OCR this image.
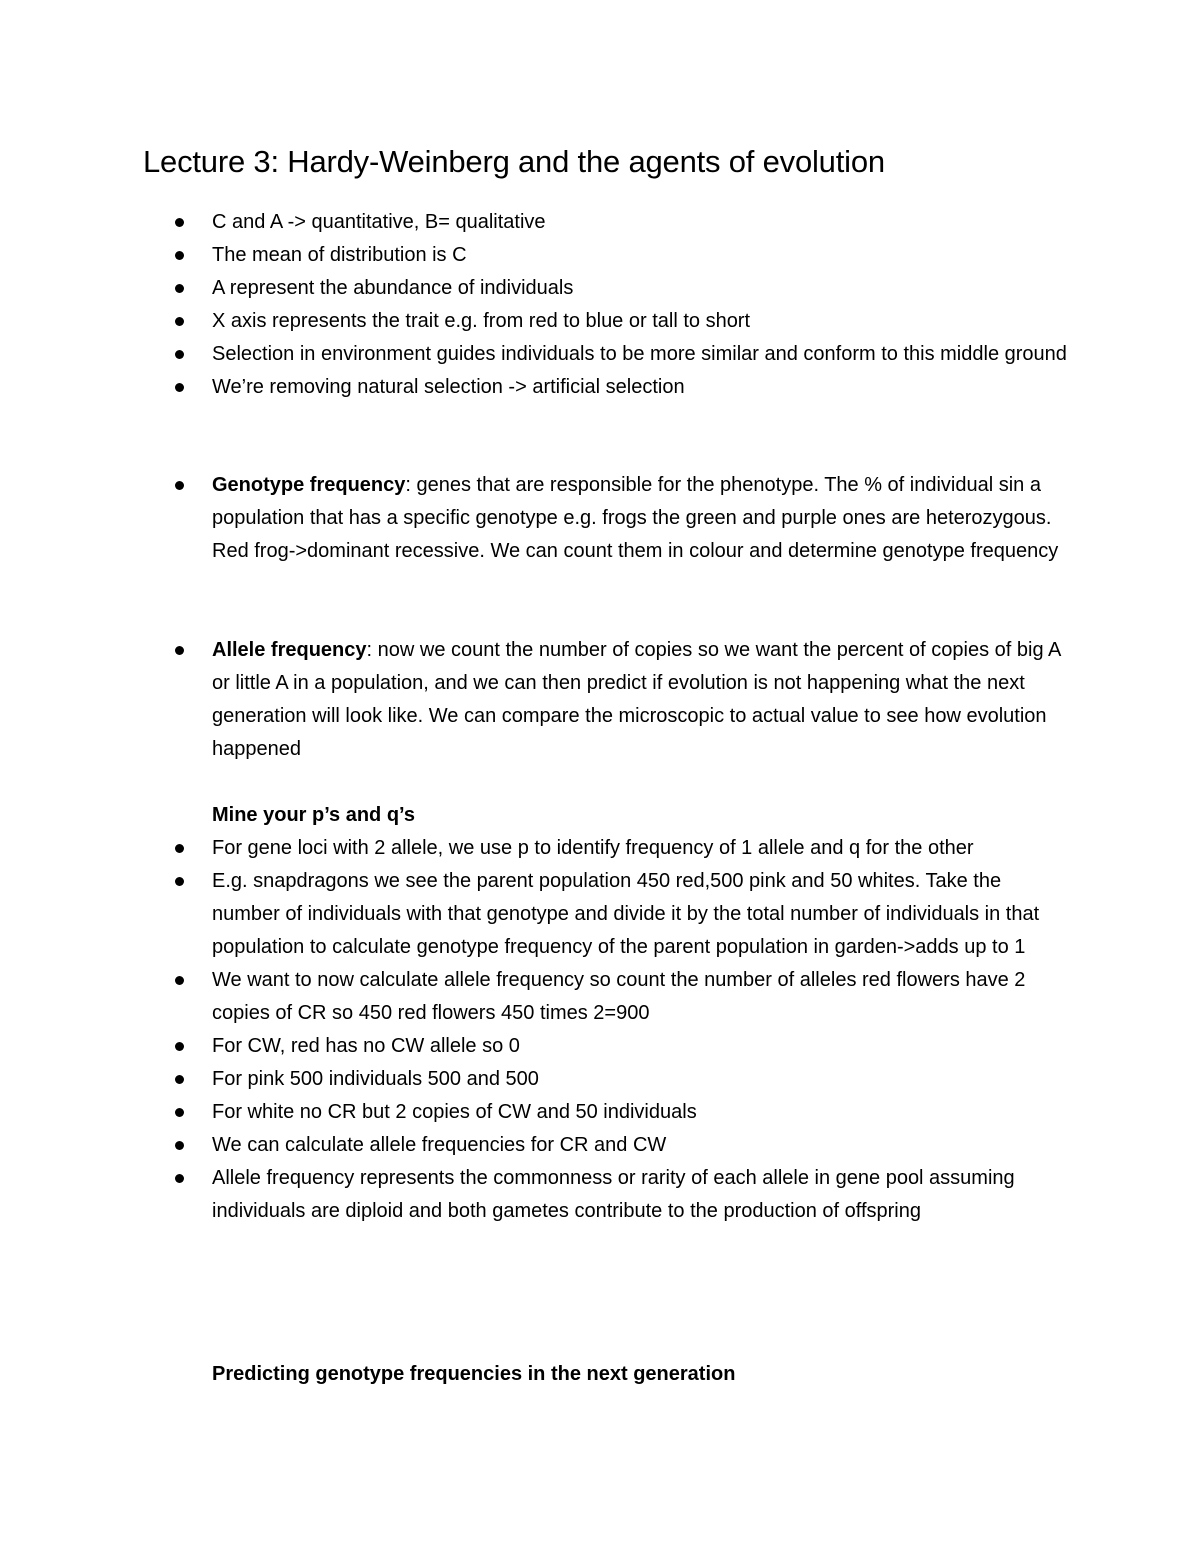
Lecture 3: Hardy-Weinberg and the agents of evolution
C and A -> quantitative, B= qualitative
The mean of distribution is C
A represent the abundance of individuals
X axis represents the trait e.g. from red to blue or tall to short
Selection in environment guides individuals to be more similar and conform to this middle ground
We’re removing natural selection -> artificial selection
Genotype frequency: genes that are responsible for the phenotype. The % of individual sin a population that has a specific genotype e.g. frogs the green and purple ones are heterozygous. Red frog->dominant recessive. We can count them in colour and determine genotype frequency
Allele frequency: now we count the number of copies so we want the percent of copies of big A or little A in a population, and we can then predict if evolution is not happening what the next generation will look like. We can compare the microscopic to actual value to see how evolution happened
Mine your p’s and q’s
For gene loci with 2 allele, we use p to identify frequency of 1 allele and q for the other
E.g. snapdragons we see the parent population 450 red,500 pink and 50 whites. Take the number of individuals with that genotype and divide it by the total number of individuals in that population to calculate genotype frequency of the parent population in garden->adds up to 1
We want to now calculate allele frequency so count the number of alleles red flowers have 2 copies of CR so 450 red flowers 450 times 2=900
For CW, red has no CW allele so 0
For pink 500 individuals 500 and 500
For white no CR but 2 copies of CW and 50 individuals
We can calculate allele frequencies for CR and CW
Allele frequency represents the commonness or rarity of each allele in gene pool assuming individuals are diploid and both gametes contribute to the production of offspring
Predicting genotype frequencies in the next generation
